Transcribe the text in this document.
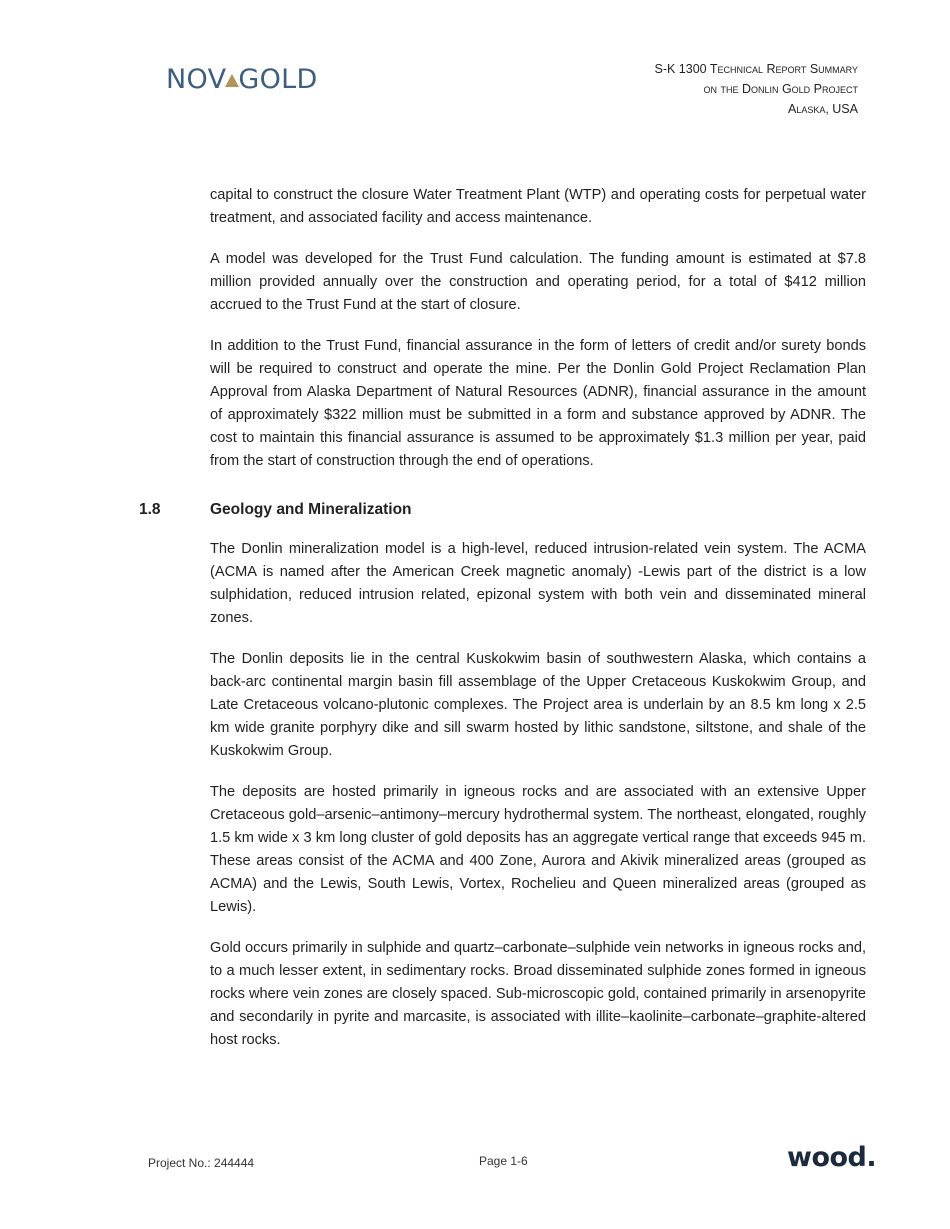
NOV GOLD	S-K 1300 Technical Report Summary
on the Donlin Gold Project
Alaska, USA

capital to construct the closure Water Treatment Plant (WTP) and operating costs for perpetual water treatment, and associated facility and access maintenance.

A model was developed for the Trust Fund calculation. The funding amount is estimated at $7.8 million provided annually over the construction and operating period, for a total of $412 million accrued to the Trust Fund at the start of closure.

In addition to the Trust Fund, financial assurance in the form of letters of credit and/or surety bonds will be required to construct and operate the mine. Per the Donlin Gold Project Reclamation Plan Approval from Alaska Department of Natural Resources (ADNR), financial assurance in the amount of approximately $322 million must be submitted in a form and substance approved by ADNR. The cost to maintain this financial assurance is assumed to be approximately $1.3 million per year, paid from the start of construction through the end of operations.

1.8	Geology and Mineralization

The Donlin mineralization model is a high-level, reduced intrusion-related vein system. The ACMA (ACMA is named after the American Creek magnetic anomaly) -Lewis part of the district is a low sulphidation, reduced intrusion related, epizonal system with both vein and disseminated mineral zones.

The Donlin deposits lie in the central Kuskokwim basin of southwestern Alaska, which contains a back-arc continental margin basin fill assemblage of the Upper Cretaceous Kuskokwim Group, and Late Cretaceous volcano-plutonic complexes. The Project area is underlain by an 8.5 km long x 2.5 km wide granite porphyry dike and sill swarm hosted by lithic sandstone, siltstone, and shale of the Kuskokwim Group.

The deposits are hosted primarily in igneous rocks and are associated with an extensive Upper Cretaceous gold–arsenic–antimony–mercury hydrothermal system. The northeast, elongated, roughly 1.5 km wide x 3 km long cluster of gold deposits has an aggregate vertical range that exceeds 945 m. These areas consist of the ACMA and 400 Zone, Aurora and Akivik mineralized areas (grouped as ACMA) and the Lewis, South Lewis, Vortex, Rochelieu and Queen mineralized areas (grouped as Lewis).

Gold occurs primarily in sulphide and quartz–carbonate–sulphide vein networks in igneous rocks and, to a much lesser extent, in sedimentary rocks. Broad disseminated sulphide zones formed in igneous rocks where vein zones are closely spaced. Sub-microscopic gold, contained primarily in arsenopyrite and secondarily in pyrite and marcasite, is associated with illite–kaolinite–carbonate–graphite-altered host rocks.

Project No.: 244444	Page 1-6	wood.
